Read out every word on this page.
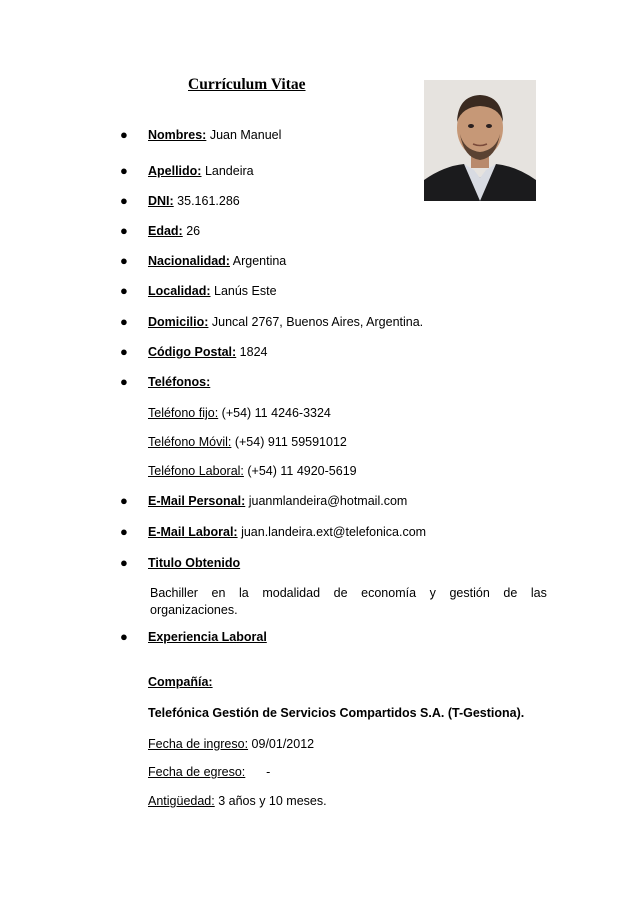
Currículum Vitae
● Nombres: Juan Manuel
● Apellido: Landeira
● DNI: 35.161.286
● Edad: 26
● Nacionalidad: Argentina
● Localidad: Lanús Este
● Domicilio: Juncal 2767, Buenos Aires, Argentina.
● Código Postal: 1824
● Teléfonos:
Teléfono fijo: (+54) 11 4246-3324
Teléfono Móvil: (+54) 911 59591012
Teléfono Laboral: (+54) 11 4920-5619
● E-Mail Personal: juanmlandeira@hotmail.com
● E-Mail Laboral: juan.landeira.ext@telefonica.com
● Titulo Obtenido
Bachiller en la modalidad de economía y gestión de las
organizaciones.
● Experiencia Laboral
Compañía:
Telefónica Gestión de Servicios Compartidos S.A. (T-Gestiona).
Fecha de ingreso: 09/01/2012
Fecha de egreso:      -
Antigüedad: 3 años y 10 meses.
